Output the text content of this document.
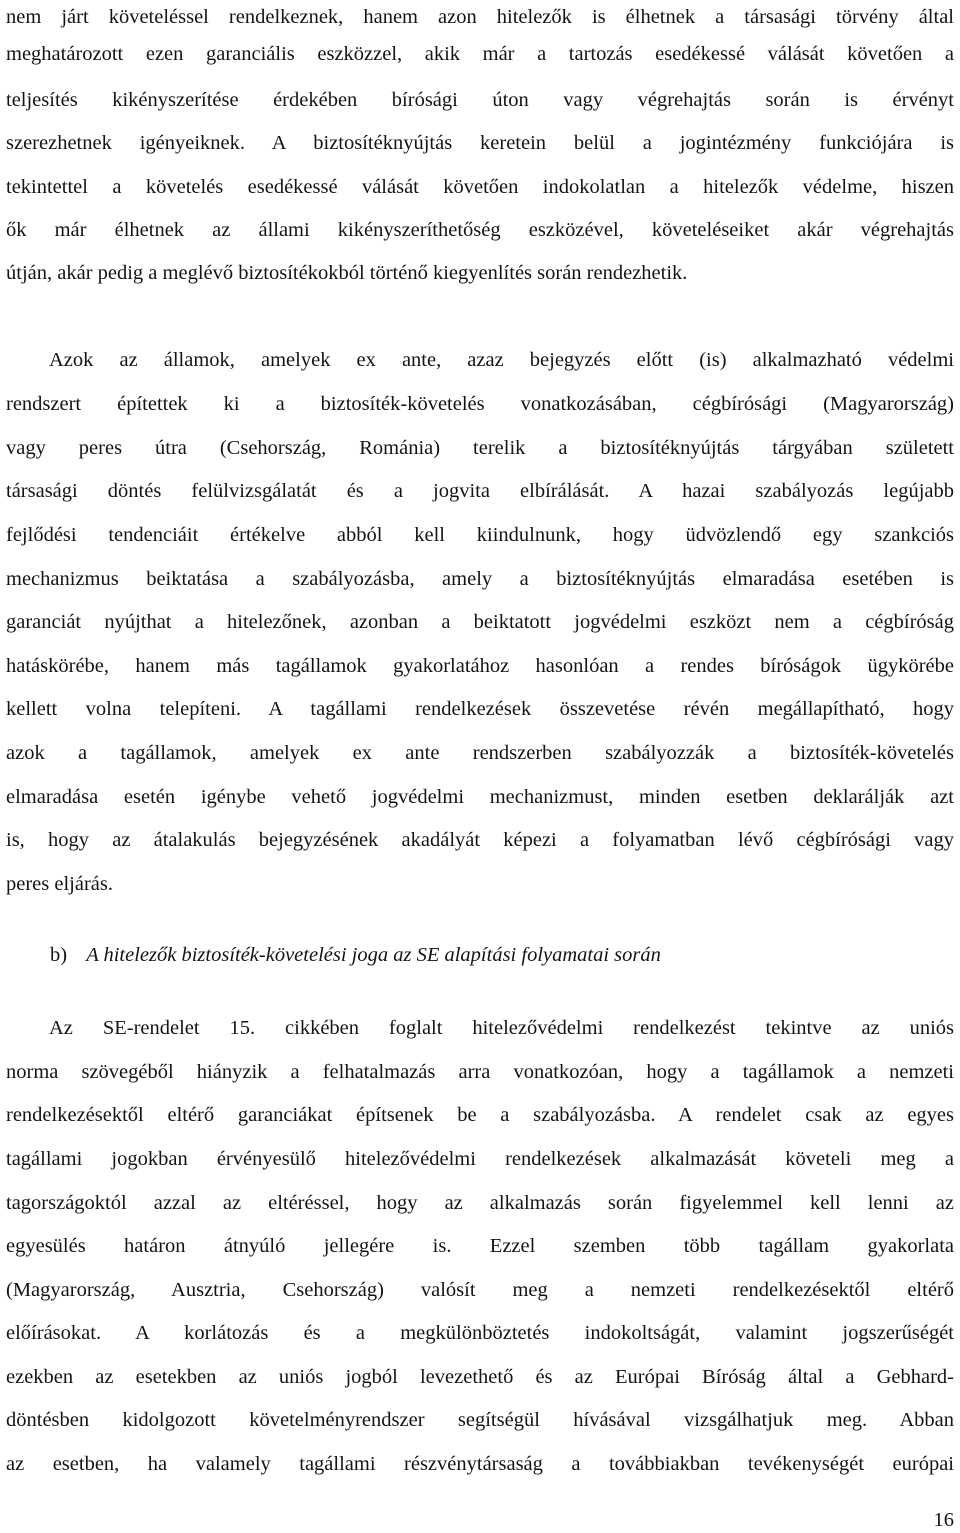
nem járt követeléssel rendelkeznek, hanem azon hitelezők is élhetnek a társasági törvény által
meghatározott ezen garanciális eszközzel, akik már a tartozás esedékessé válását követően a
teljesítés kikényszerítése érdekében bírósági úton vagy végrehajtás során is érvényt
szerezhetnek igényeiknek. A biztosítéknyújtás keretein belül a jogintézmény funkciójára is
tekintettel a követelés esedékessé válását követően indokolatlan a hitelezők védelme, hiszen
ők már élhetnek az állami kikényszeríthetőség eszközével, követeléseiket akár végrehajtás
útján, akár pedig a meglévő biztosítékokból történő kiegyenlítés során rendezhetik.
Azok az államok, amelyek ex ante, azaz bejegyzés előtt (is) alkalmazható védelmi
rendszert építettek ki a biztosíték-követelés vonatkozásában, cégbírósági (Magyarország)
vagy peres útra (Csehország, Románia) terelik a biztosítéknyújtás tárgyában született
társasági döntés felülvizsgálatát és a jogvita elbírálását. A hazai szabályozás legújabb
fejlődési tendenciáit értékelve abból kell kiindulnunk, hogy üdvözlendő egy szankciós
mechanizmus beiktatása a szabályozásba, amely a biztosítéknyújtás elmaradása esetében is
garanciát nyújthat a hitelezőnek, azonban a beiktatott jogvédelmi eszközt nem a cégbíróság
hatáskörébe, hanem más tagállamok gyakorlatához hasonlóan a rendes bíróságok ügykörébe
kellett volna telepíteni. A tagállami rendelkezések összevetése révén megállapítható, hogy
azok a tagállamok, amelyek ex ante rendszerben szabályozzák a biztosíték-követelés
elmaradása esetén igénybe vehető jogvédelmi mechanizmust, minden esetben deklarálják azt
is, hogy az átalakulás bejegyzésének akadályát képezi a folyamatban lévő cégbírósági vagy
peres eljárás.
b) A hitelezők biztosíték-követelési joga az SE alapítási folyamatai során
Az SE-rendelet 15. cikkében foglalt hitelezővédelmi rendelkezést tekintve az uniós
norma szövegéből hiányzik a felhatalmazás arra vonatkozóan, hogy a tagállamok a nemzeti
rendelkezésektől eltérő garanciákat építsenek be a szabályozásba. A rendelet csak az egyes
tagállami jogokban érvényesülő hitelezővédelmi rendelkezések alkalmazását követeli meg a
tagországoktól azzal az eltéréssel, hogy az alkalmazás során figyelemmel kell lenni az
egyesülés határon átnyúló jellegére is. Ezzel szemben több tagállam gyakorlata
(Magyarország, Ausztria, Csehország) valósít meg a nemzeti rendelkezésektől eltérő
előírásokat. A korlátozás és a megkülönböztetés indokoltságát, valamint jogszerűségét
ezekben az esetekben az uniós jogból levezethető és az Európai Bíróság által a Gebhard-
döntésben kidolgozott követelményrendszer segítségül hívásával vizsgálhatjuk meg. Abban
az esetben, ha valamely tagállami részvénytársaság a továbbiakban tevékenységét európai
16
